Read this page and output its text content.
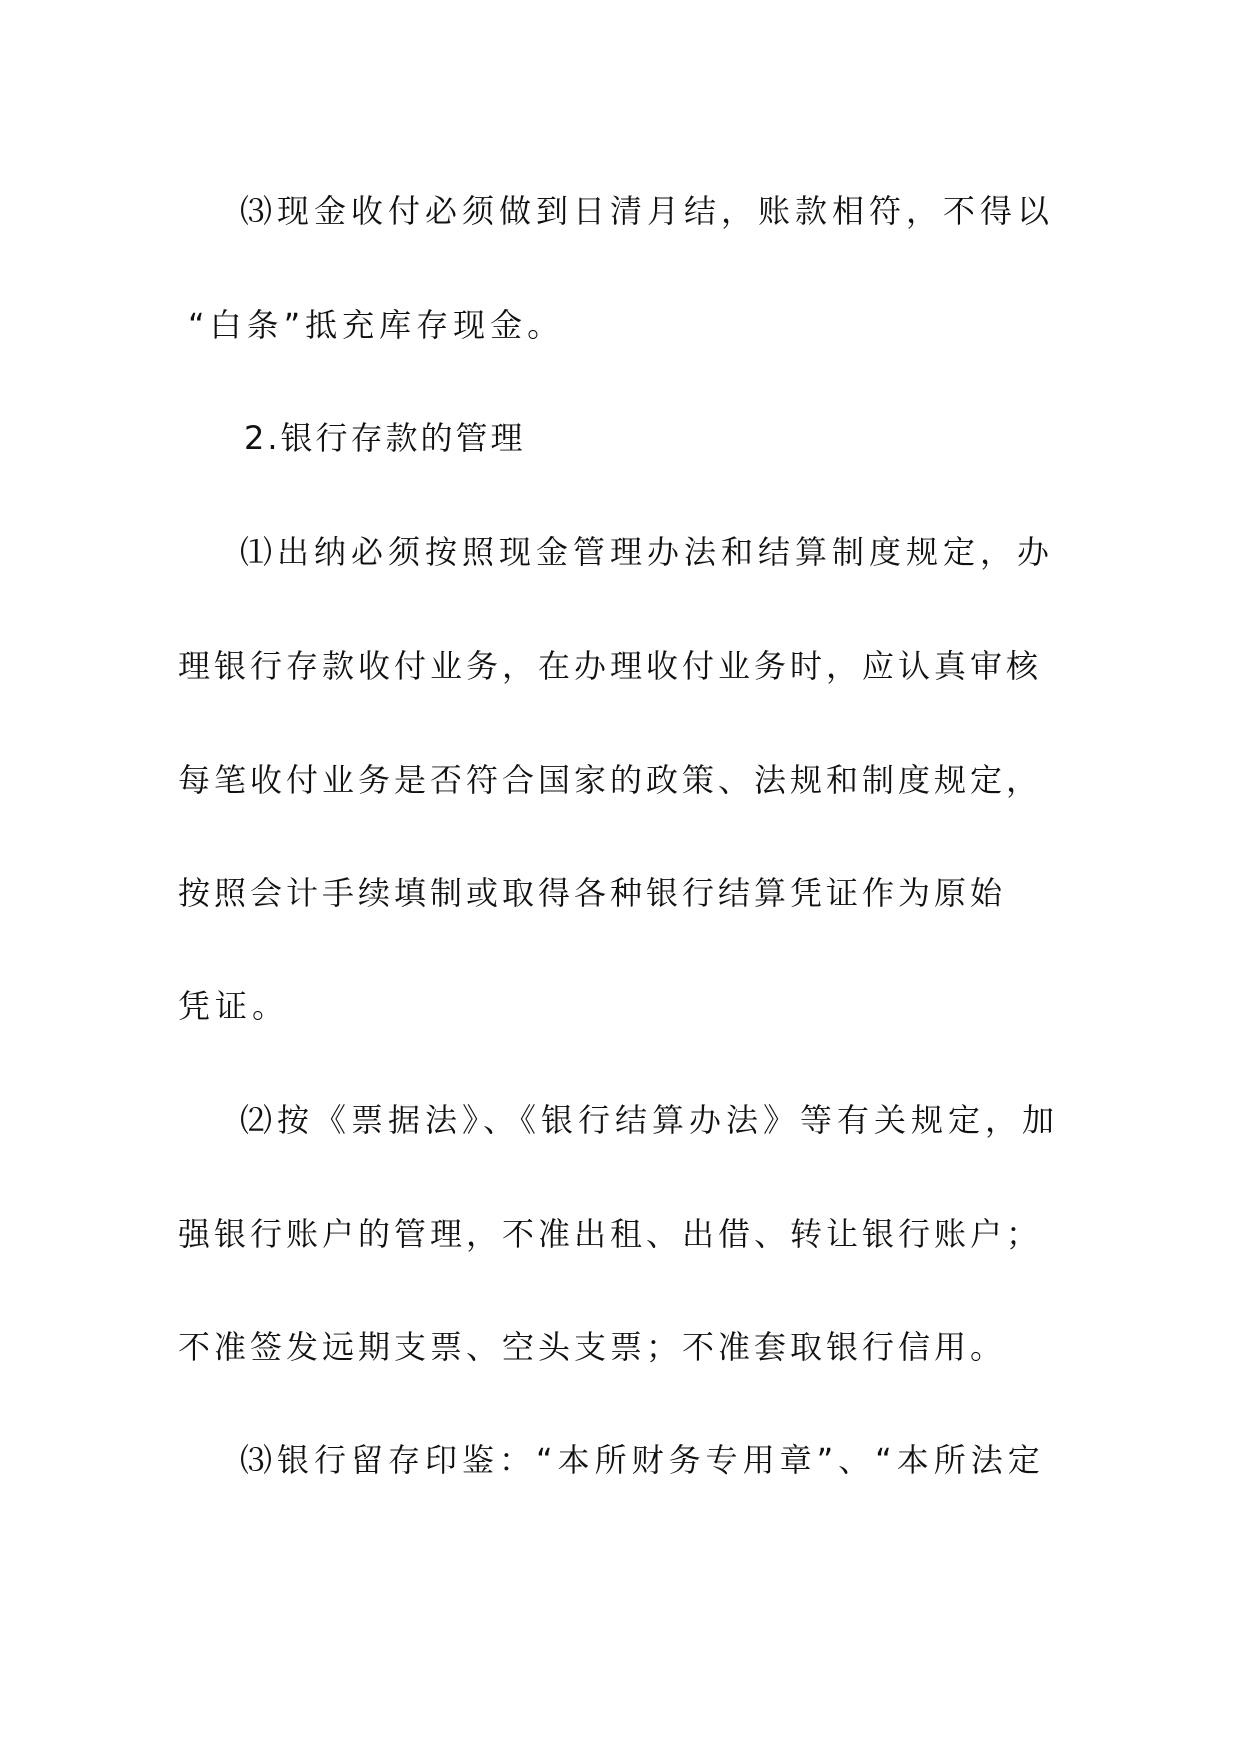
⑶现金收付必须做到日清月结，账款相符，不得以
“白条”抵充库存现金。
2.银行存款的管理
⑴出纳必须按照现金管理办法和结算制度规定，办
理银行存款收付业务，在办理收付业务时，应认真审核
每笔收付业务是否符合国家的政策、法规和制度规定，
按照会计手续填制或取得各种银行结算凭证作为原始
凭证。
⑵按《票据法》、《银行结算办法》等有关规定，加
强银行账户的管理，不准出租、出借、转让银行账户；
不准签发远期支票、空头支票；不准套取银行信用。
⑶银行留存印鉴：“本所财务专用章”、“本所法定
